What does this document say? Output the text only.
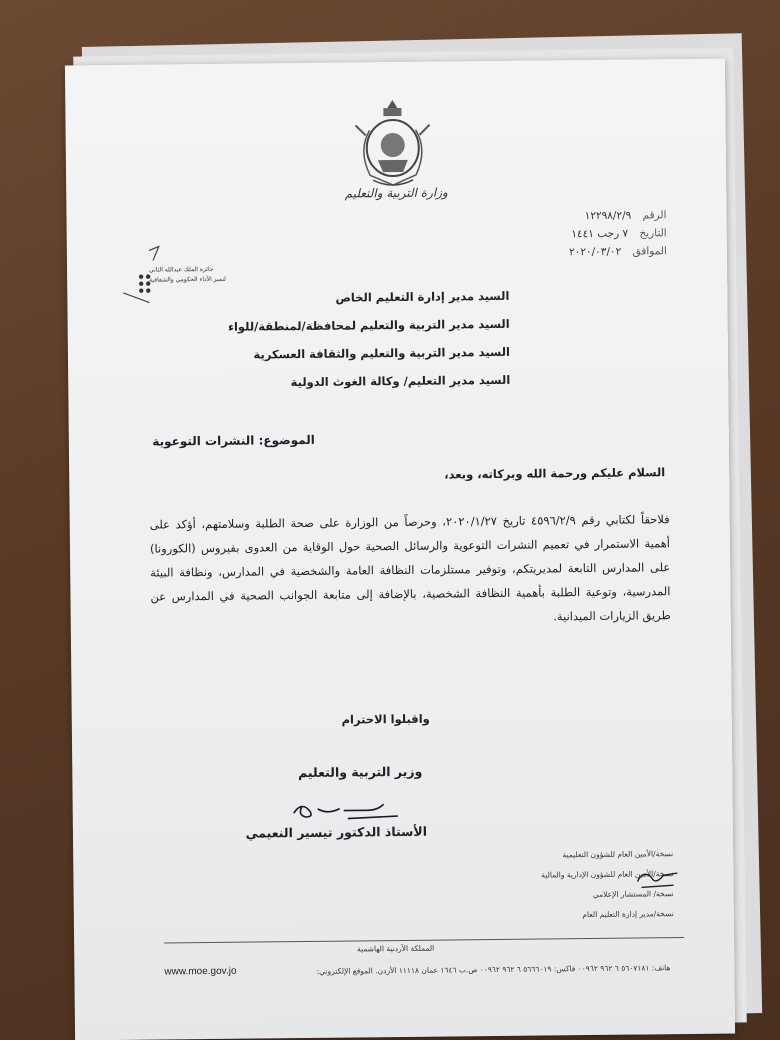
وزارة التربية والتعليم
الرقم ١٢٢٩٨/٢/٩
التاريخ ٧ رجب ١٤٤١
الموافق ٢٠٢٠/٠٣/٠٢
جائزة الملك عبدالله الثاني
لتميز الأداء الحكومي والشفافية
السيد مدير إدارة التعليم الخاص
السيد مدير التربية والتعليم لمحافظة/لمنطقة/للواء
السيد مدير التربية والتعليم والثقافة العسكرية
السيد مدير التعليم/ وكالة الغوث الدولية
الموضوع: النشرات التوعوية
السلام عليكم ورحمة الله وبركاته، وبعد،
فلاحقاً لكتابي رقم ٤٥٩٦/٢/٩ تاريخ ٢٠٢٠/١/٢٧، وحرصاً من الوزارة على صحة الطلبة وسلامتهم، أؤكد على أهمية الاستمرار في تعميم النشرات التوعوية والرسائل الصحية حول الوقاية من العدوى بفيروس (الكورونا) على المدارس التابعة لمديريتكم، وتوفير مستلزمات النظافة العامة والشخصية في المدارس، ونظافة البيئة المدرسية، وتوعية الطلبة بأهمية النظافة الشخصية، بالإضافة إلى متابعة الجوانب الصحية في المدارس عن طريق الزيارات الميدانية.
واقبلوا الاحترام
وزير التربية والتعليم
الأستاذ الدكتور تيسير النعيمي
نسخة/الأمين العام للشؤون التعليمية
نسخة/الأمين العام للشؤون الإدارية والمالية
نسخة/ المستشار الإعلامي
نسخة/مدير إدارة التعليم العام
المملكة الأردنية الهاشمية
هاتف: ٥٦٠٧١٨١ ٦ ٩٦٢ ٠٠٩٦٢ فاكس: ٥٦٦٦٠١٩ ٦ ٩٦٢ ٠٠٩٦٢ ص.ب ١٦٤٦ عمان ١١١١٨ الأردن. الموقع الإلكتروني:
www.moe.gov.jo
